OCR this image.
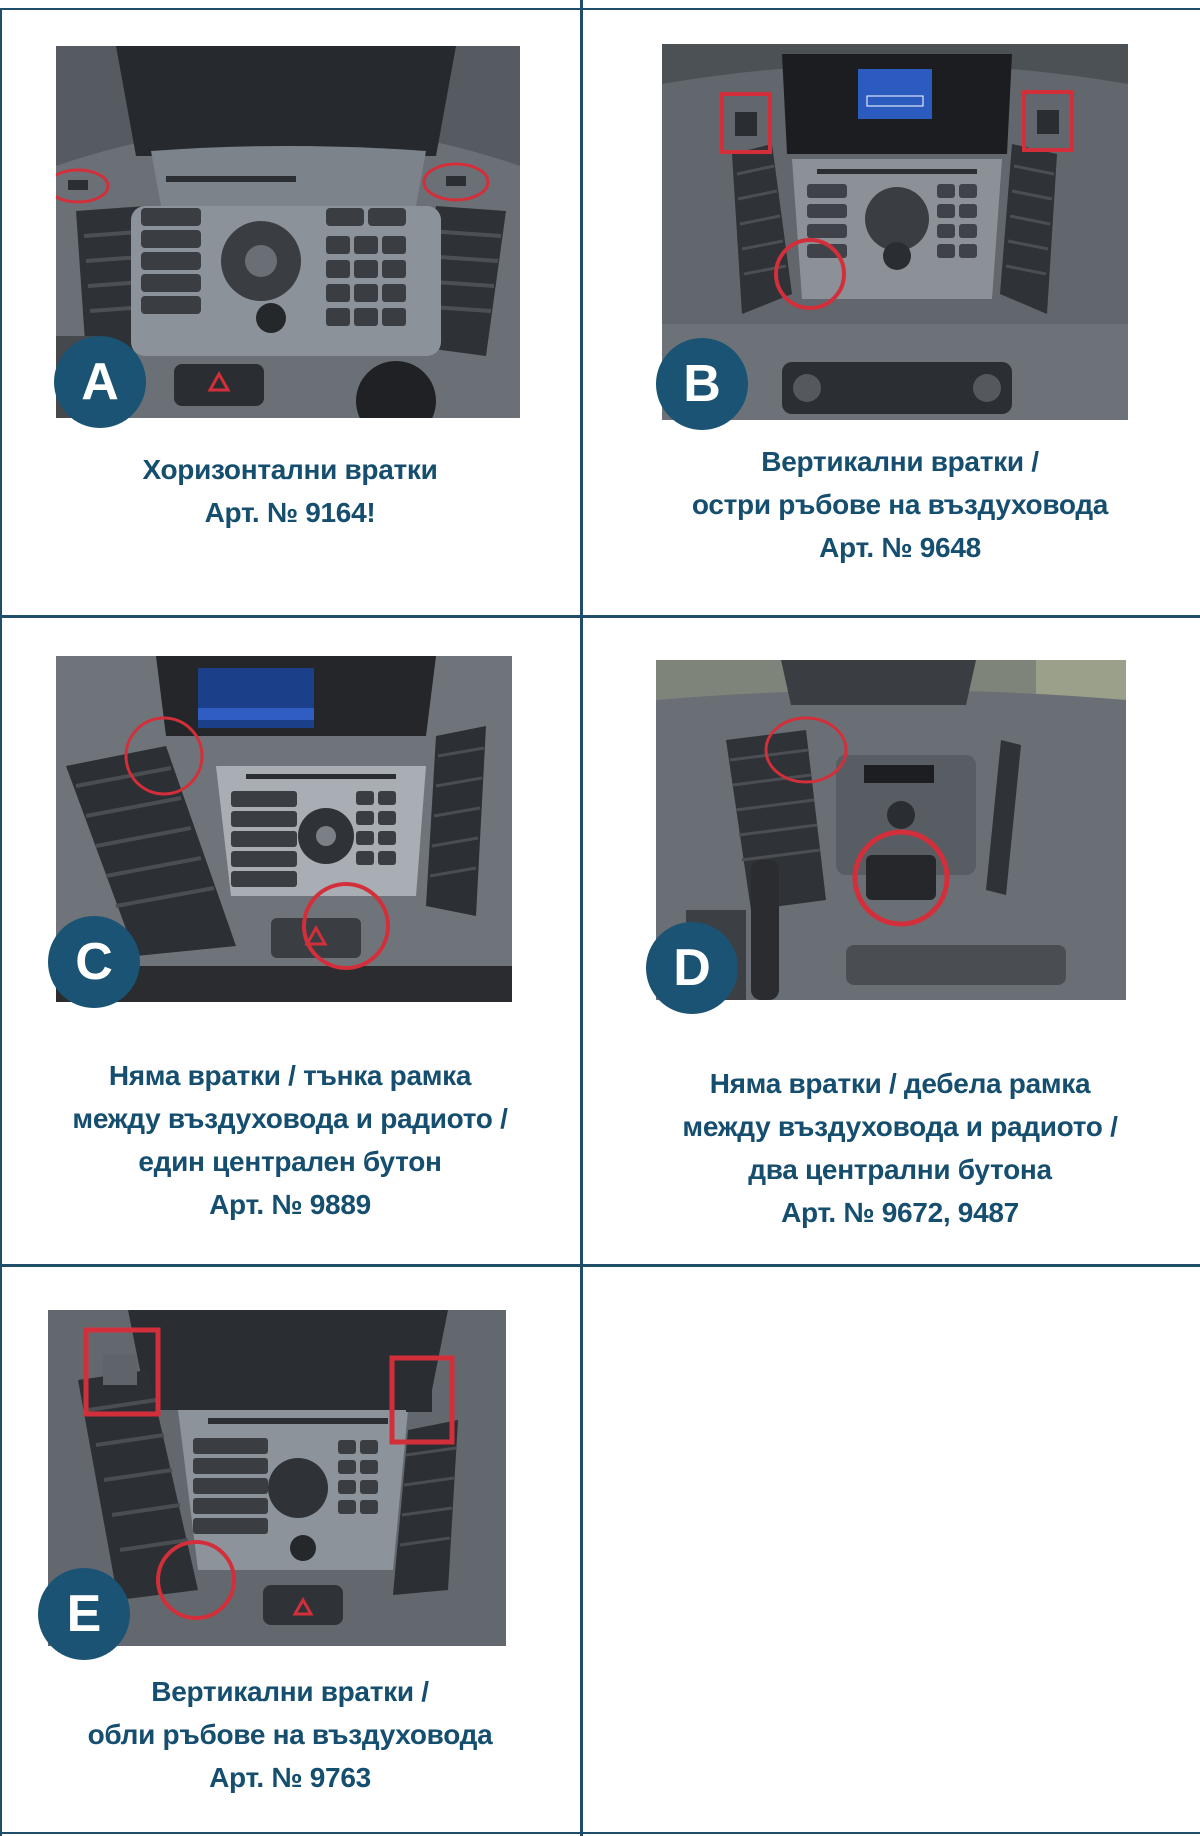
A
Хоризонтални вратки
Арт. № 9164!
B
Вертикални вратки /
остри ръбове на въздуховода
Арт. № 9648
C
Няма вратки / тънка рамка
между въздуховода и радиото /
един централен бутон
Арт. № 9889
D
Няма вратки / дебела рамка
между въздуховода и радиото /
два централни бутона
Арт. № 9672, 9487
E
Вертикални вратки /
обли ръбове на въздуховода
Арт. № 9763
